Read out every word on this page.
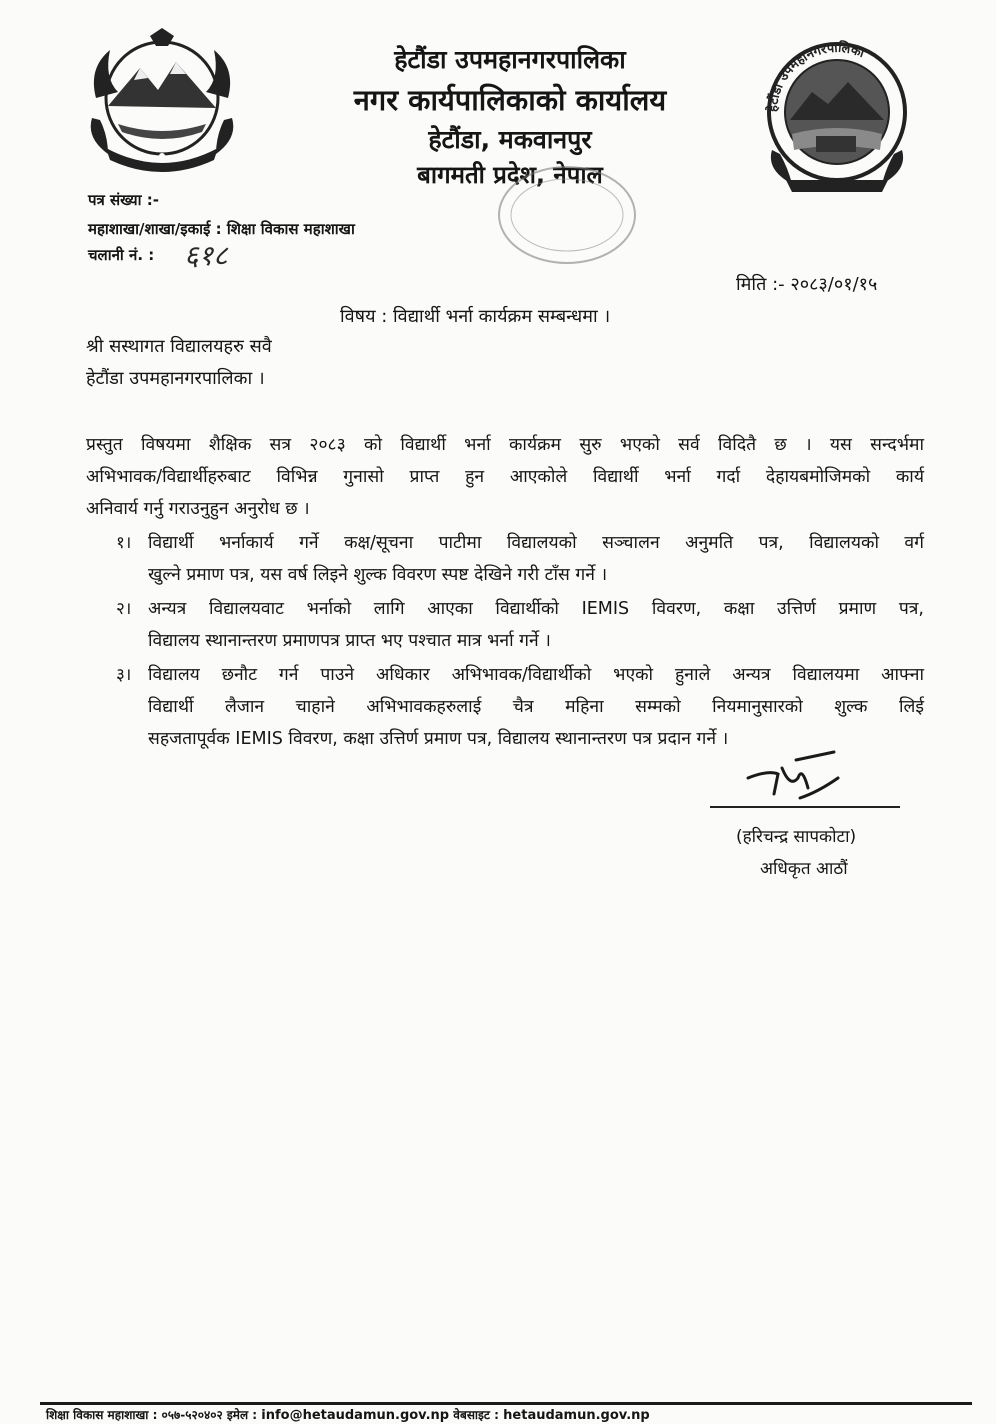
हेटौंडा उपमहानगरपालिका
नगर कार्यपालिकाको कार्यालय
हेटौंडा, मकवानपुर
बागमती प्रदेश, नेपाल
हेटौंडा उपमहानगरपालिका
पत्र संख्या :-
महाशाखा/शाखा/इकाई : शिक्षा विकास महाशाखा
चलानी नं. : ६१८
मिति :- २०८३/०१/१५
विषय : विद्यार्थी भर्ना कार्यक्रम सम्बन्धमा ।
श्री सस्थागत विद्यालयहरु सवै
हेटौंडा उपमहानगरपालिका ।
प्रस्तुत विषयमा शैक्षिक सत्र २०८३ को विद्यार्थी भर्ना कार्यक्रम सुरु भएको सर्व विदितै छ । यस सन्दर्भमा
अभिभावक/विद्यार्थीहरुबाट विभिन्न गुनासो प्राप्त हुन आएकोले विद्यार्थी भर्ना गर्दा देहायबमोजिमको कार्य
अनिवार्य गर्नु गराउनुहुन अनुरोध छ ।
१। विद्यार्थी भर्नाकार्य गर्ने कक्ष/सूचना पाटीमा विद्यालयको सञ्चालन अनुमति पत्र, विद्यालयको वर्ग
खुल्ने प्रमाण पत्र, यस वर्ष लिइने शुल्क विवरण स्पष्ट देखिने गरी टाँस गर्ने ।
२। अन्यत्र विद्यालयवाट भर्नाको लागि आएका विद्यार्थीको IEMIS विवरण, कक्षा उत्तिर्ण प्रमाण पत्र,
विद्यालय स्थानान्तरण प्रमाणपत्र प्राप्त भए पश्चात मात्र भर्ना गर्ने ।
३। विद्यालय छनौट गर्न पाउने अधिकार अभिभावक/विद्यार्थीको भएको हुनाले अन्यत्र विद्यालयमा आफ्ना
विद्यार्थी लैजान चाहाने अभिभावकहरुलाई चैत्र महिना सम्मको नियमानुसारको शुल्क लिई
सहजतापूर्वक IEMIS विवरण, कक्षा उत्तिर्ण प्रमाण पत्र, विद्यालय स्थानान्तरण पत्र प्रदान गर्ने ।
(हरिचन्द्र सापकोटा)
अधिकृत आठौं
शिक्षा विकास महाशाखा : ०५७-५२०४०२ इमेल : info@hetaudamun.gov.np वेबसाइट : hetaudamun.gov.np
